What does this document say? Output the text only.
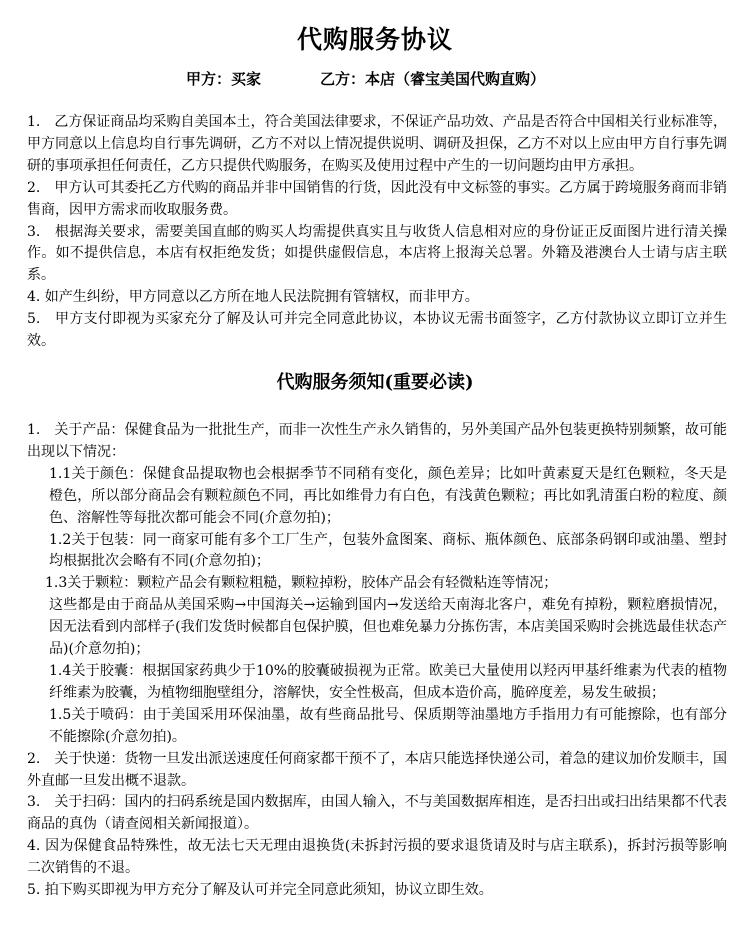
代购服务协议
甲方：买家	乙方：本店（睿宝美国代购直购）

1.　乙方保证商品均采购自美国本土，符合美国法律要求，不保证产品功效、产品是否符合中国相关行业标准等，甲方同意以上信息均自行事先调研，乙方不对以上情况提供说明、调研及担保，乙方不对以上应由甲方自行事先调研的事项承担任何责任，乙方只提供代购服务，在购买及使用过程中产生的一切问题均由甲方承担。

2.　甲方认可其委托乙方代购的商品并非中国销售的行货，因此没有中文标签的事实。乙方属于跨境服务商而非销售商，因甲方需求而收取服务费。

3.　根据海关要求，需要美国直邮的购买人均需提供真实且与收货人信息相对应的身份证正反面图片进行清关操作。如不提供信息，本店有权拒绝发货；如提供虚假信息，本店将上报海关总署。外籍及港澳台人士请与店主联系。

4. 如产生纠纷，甲方同意以乙方所在地人民法院拥有管辖权，而非甲方。

5.　甲方支付即视为买家充分了解及认可并完全同意此协议，本协议无需书面签字，乙方付款协议立即订立并生效。

代购服务须知(重要必读)

1.　关于产品：保健食品为一批批生产，而非一次性生产永久销售的，另外美国产品外包装更换特别频繁，故可能出现以下情况：

1.1关于颜色：保健食品提取物也会根据季节不同稍有变化，颜色差异；比如叶黄素夏天是红色颗粒，冬天是橙色，所以部分商品会有颗粒颜色不同，再比如维骨力有白色，有浅黄色颗粒；再比如乳清蛋白粉的粒度、颜色、溶解性等每批次都可能会不同(介意勿拍)；

1.2关于包装：同一商家可能有多个工厂生产，包装外盒图案、商标、瓶体颜色、底部条码钢印或油墨、塑封均根据批次会略有不同(介意勿拍)；

1.3关于颗粒：颗粒产品会有颗粒粗糙，颗粒掉粉，胶体产品会有轻微粘连等情况；

这些都是由于商品从美国采购→中国海关→运输到国内→发送给天南海北客户，难免有掉粉，颗粒磨损情况，因无法看到内部样子(我们发货时候都自包保护膜，但也难免暴力分拣伤害，本店美国采购时会挑选最佳状态产品)(介意勿拍)；

1.4关于胶囊：根据国家药典少于10%的胶囊破损视为正常。欧美已大量使用以羟丙甲基纤维素为代表的植物纤维素为胶囊，为植物细胞壁组分，溶解快，安全性极高，但成本造价高，脆碎度差，易发生破损；

1.5关于喷码：由于美国采用环保油墨，故有些商品批号、保质期等油墨地方手指用力有可能擦除，也有部分不能擦除(介意勿拍)。

2.　关于快递：货物一旦发出派送速度任何商家都干预不了，本店只能选择快递公司，着急的建议加价发顺丰，国外直邮一旦发出概不退款。

3.　关于扫码：国内的扫码系统是国内数据库，由国人输入，不与美国数据库相连，是否扫出或扫出结果都不代表商品的真伪（请查阅相关新闻报道）。

4. 因为保健食品特殊性，故无法七天无理由退换货(未拆封污损的要求退货请及时与店主联系)，拆封污损等影响二次销售的不退。

5. 拍下购买即视为甲方充分了解及认可并完全同意此须知，协议立即生效。
